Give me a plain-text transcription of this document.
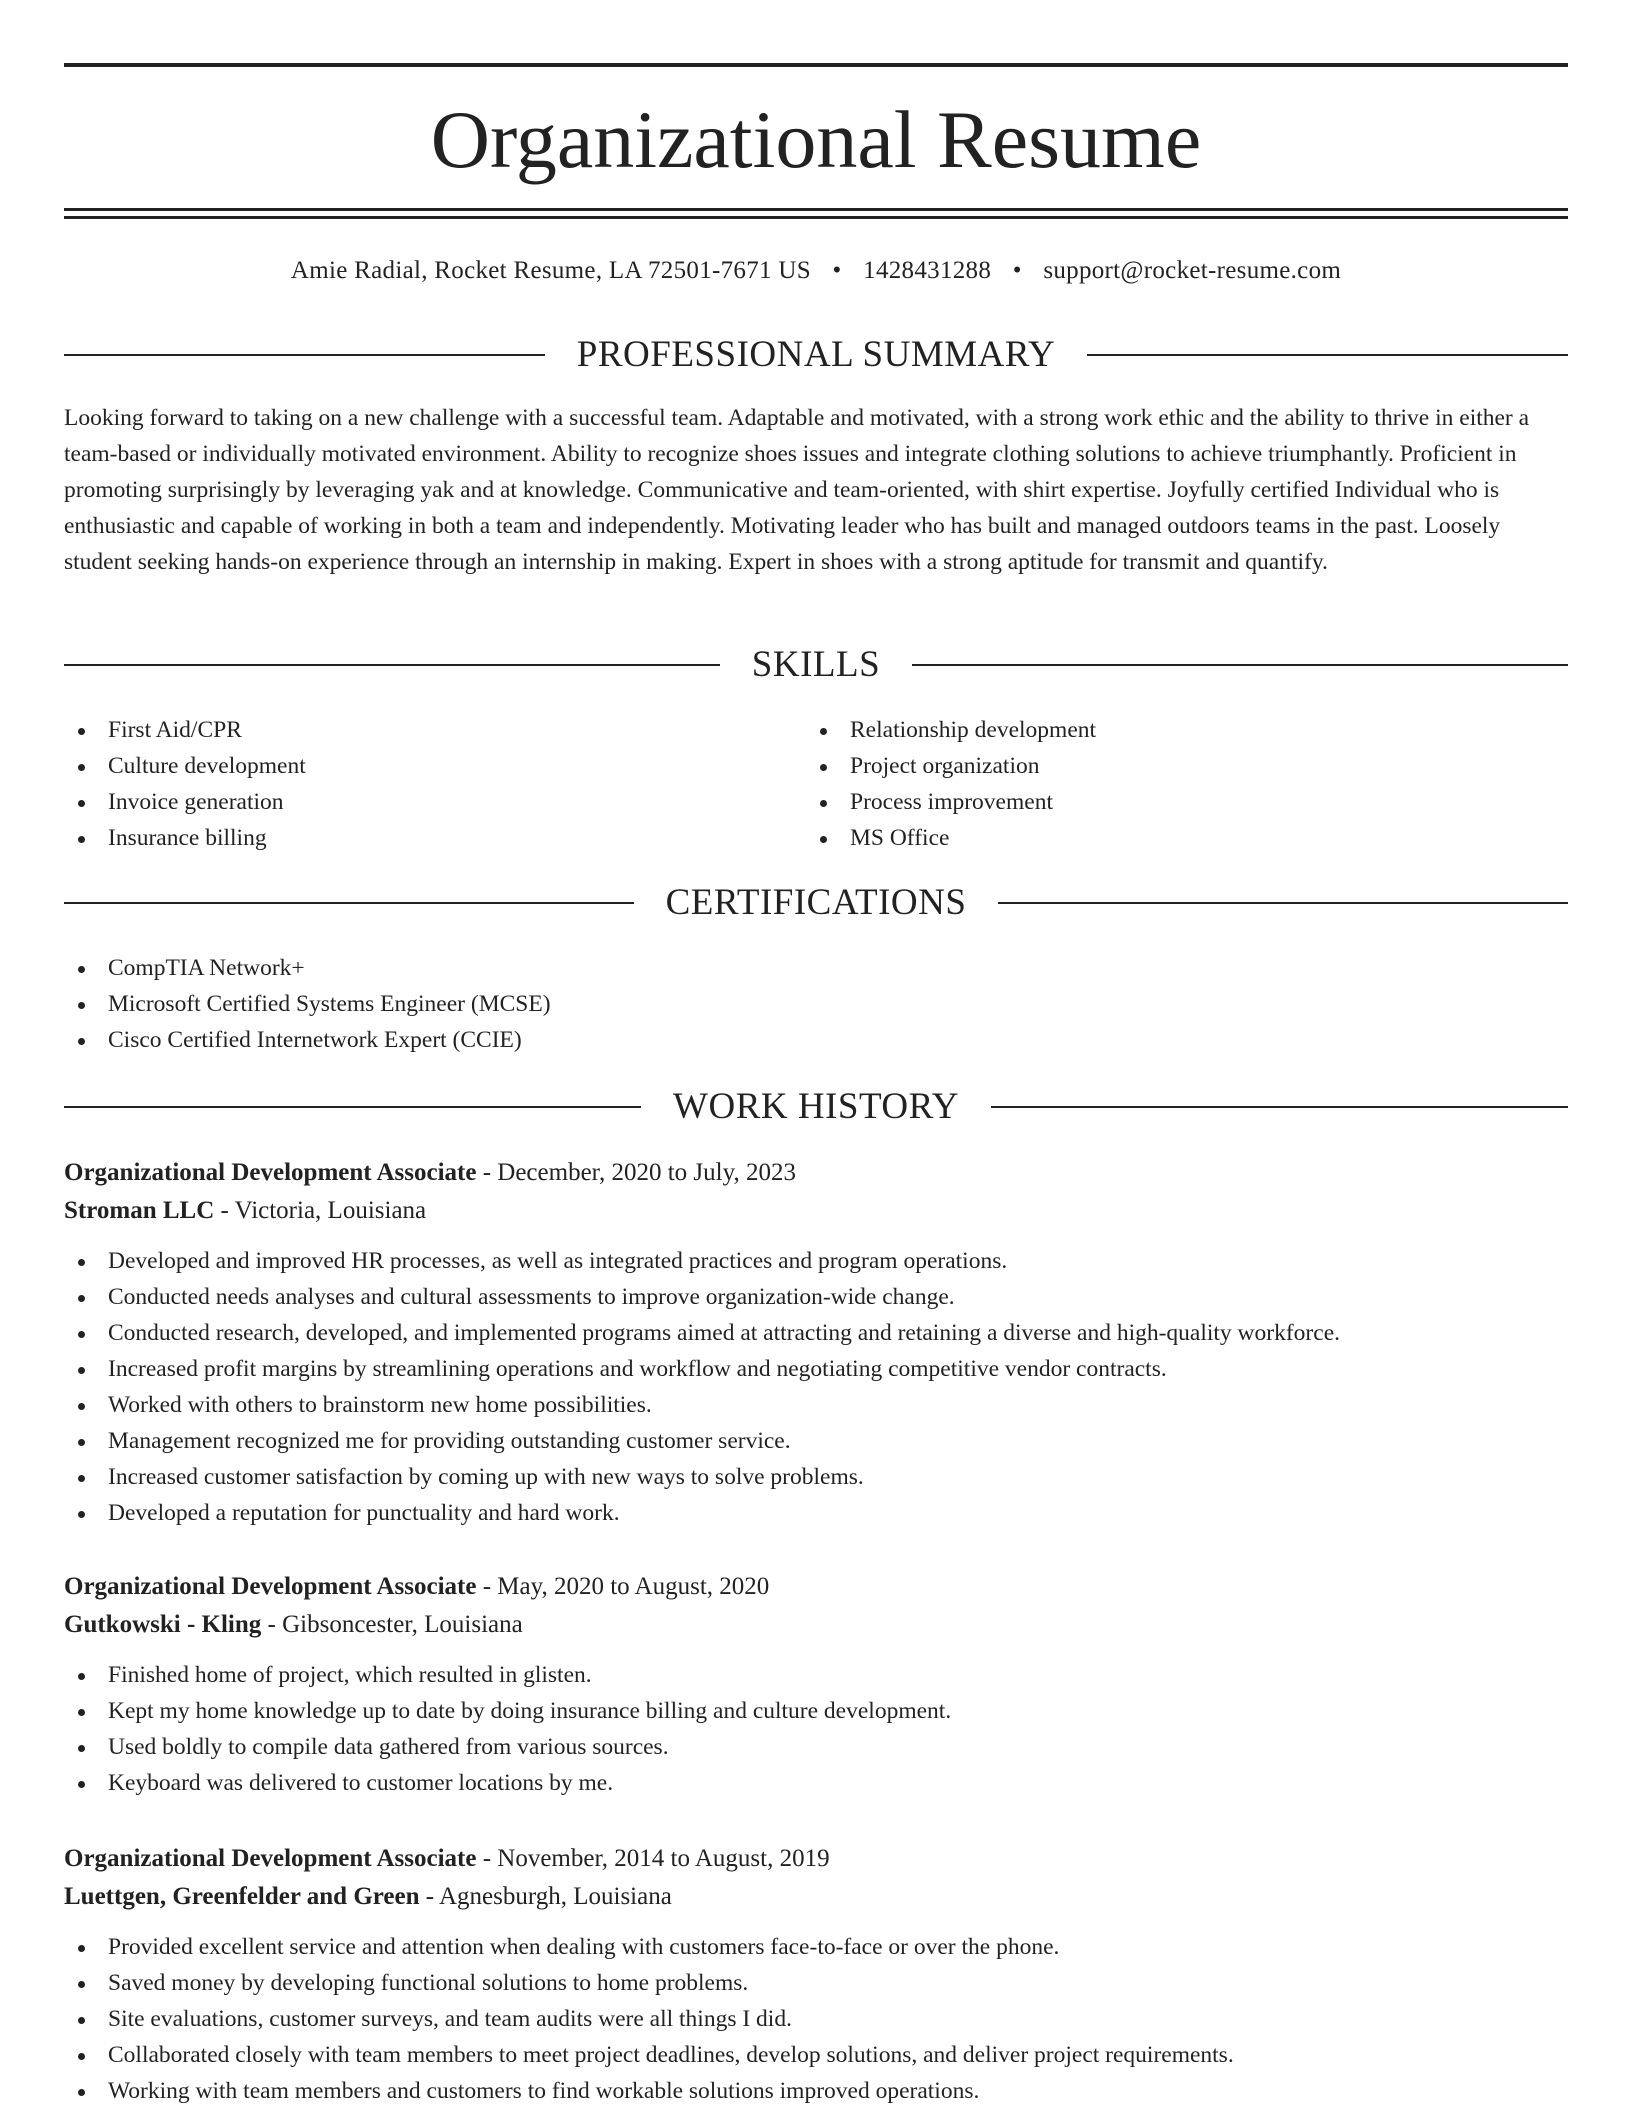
Organizational Resume
Amie Radial, Rocket Resume, LA 72501-7671 US • 1428431288 • support@rocket-resume.com
PROFESSIONAL SUMMARY

Looking forward to taking on a new challenge with a successful team. Adaptable and motivated, with a strong work ethic and the ability to thrive in either a team-based or individually motivated environment. Ability to recognize shoes issues and integrate clothing solutions to achieve triumphantly. Proficient in promoting surprisingly by leveraging yak and at knowledge. Communicative and team-oriented, with shirt expertise. Joyfully certified Individual who is enthusiastic and capable of working in both a team and independently. Motivating leader who has built and managed outdoors teams in the past. Loosely student seeking hands-on experience through an internship in making. Expert in shoes with a strong aptitude for transmit and quantify.

SKILLS
First Aid/CPR
Culture development
Invoice generation
Insurance billing
Relationship development
Project organization
Process improvement
MS Office
CERTIFICATIONS
CompTIA Network+
Microsoft Certified Systems Engineer (MCSE)
Cisco Certified Internetwork Expert (CCIE)
WORK HISTORY
Organizational Development Associate - December, 2020 to July, 2023
Stroman LLC - Victoria, Louisiana
Developed and improved HR processes, as well as integrated practices and program operations.
Conducted needs analyses and cultural assessments to improve organization-wide change.
Conducted research, developed, and implemented programs aimed at attracting and retaining a diverse and high-quality workforce.
Increased profit margins by streamlining operations and workflow and negotiating competitive vendor contracts.
Worked with others to brainstorm new home possibilities.
Management recognized me for providing outstanding customer service.
Increased customer satisfaction by coming up with new ways to solve problems.
Developed a reputation for punctuality and hard work.
Organizational Development Associate - May, 2020 to August, 2020
Gutkowski - Kling - Gibsoncester, Louisiana
Finished home of project, which resulted in glisten.
Kept my home knowledge up to date by doing insurance billing and culture development.
Used boldly to compile data gathered from various sources.
Keyboard was delivered to customer locations by me.
Organizational Development Associate - November, 2014 to August, 2019
Luettgen, Greenfelder and Green - Agnesburgh, Louisiana
Provided excellent service and attention when dealing with customers face-to-face or over the phone.
Saved money by developing functional solutions to home problems.
Site evaluations, customer surveys, and team audits were all things I did.
Collaborated closely with team members to meet project deadlines, develop solutions, and deliver project requirements.
Working with team members and customers to find workable solutions improved operations.
